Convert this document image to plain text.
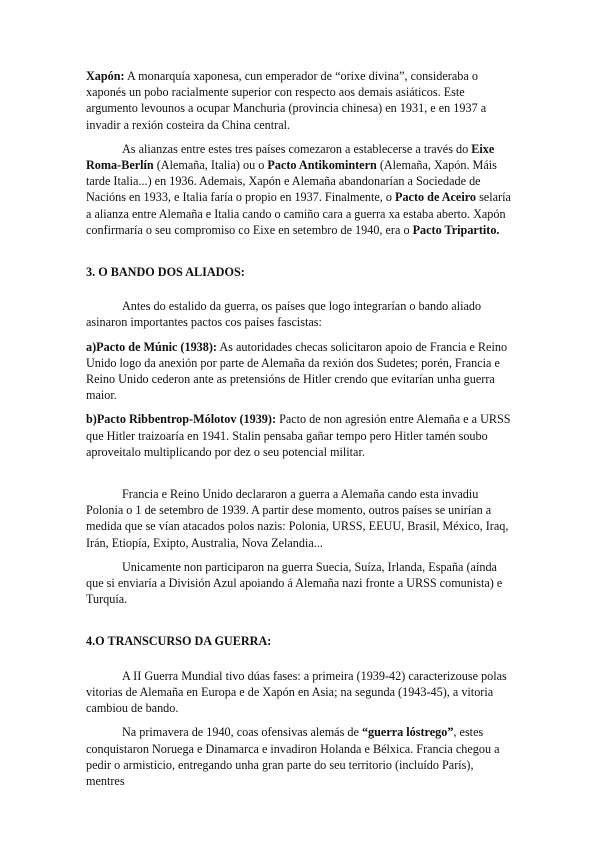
Xapón: A monarquía xaponesa, cun emperador de “orixe divina”, consideraba o xaponés un pobo racialmente superior con respecto aos demais asiáticos. Este argumento levounos a ocupar Manchuria (provincia chinesa) en 1931, e en 1937 a invadir a rexión costeira da China central.

As alianzas entre estes tres países comezaron a establecerse a través do Eixe Roma-Berlín (Alemaña, Italia) ou o Pacto Antikomintern (Alemaña, Xapón. Máis tarde Italia...) en 1936. Ademais, Xapón e Alemaña abandonarían a Sociedade de Nacións en 1933, e Italia faría o propio en 1937. Finalmente, o Pacto de Aceiro selaría a alianza entre Alemaña e Italia cando o camiño cara a guerra xa estaba aberto. Xapón confirmaría o seu compromiso co Eixe en setembro de 1940, era o Pacto Tripartito.

3. O BANDO DOS ALIADOS:

Antes do estalido da guerra, os países que logo integrarían o bando aliado asinaron importantes pactos cos países fascistas:

a)Pacto de Múnic (1938): As autoridades checas solicitaron apoio de Francia e Reino Unido logo da anexión por parte de Alemaña da rexión dos Sudetes; porén, Francia e Reino Unido cederon ante as pretensións de Hitler crendo que evitarían unha guerra maior.

b)Pacto Ribbentrop-Mólotov (1939): Pacto de non agresión entre Alemaña e a URSS que Hitler traizoaría en 1941. Stalin pensaba gañar tempo pero Hitler tamén soubo aproveitalo multiplicando por dez o seu potencial militar.

Francia e Reino Unido declararon a guerra a Alemaña cando esta invadiu Polonia o 1 de setembro de 1939. A partir dese momento, outros países se unirían a medida que se vían atacados polos nazis: Polonia, URSS, EEUU, Brasil, México, Iraq, Irán, Etiopía, Exipto, Australia, Nova Zelandia...

Unicamente non participaron na guerra Suecia, Suíza, Irlanda, España (aínda que si enviaría a División Azul apoiando á Alemaña nazi fronte a URSS comunista) e Turquía.

4.O TRANSCURSO DA GUERRA:

A II Guerra Mundial tivo dúas fases: a primeira (1939-42) caracterizouse polas vitorias de Alemaña en Europa e de Xapón en Asia; na segunda (1943-45), a vitoria cambiou de bando.

Na primavera de 1940, coas ofensivas alemás de “guerra lóstrego”, estes conquistaron Noruega e Dinamarca e invadiron Holanda e Bélxica. Francia chegou a pedir o armisticio, entregando unha gran parte do seu territorio (incluído París), mentres
